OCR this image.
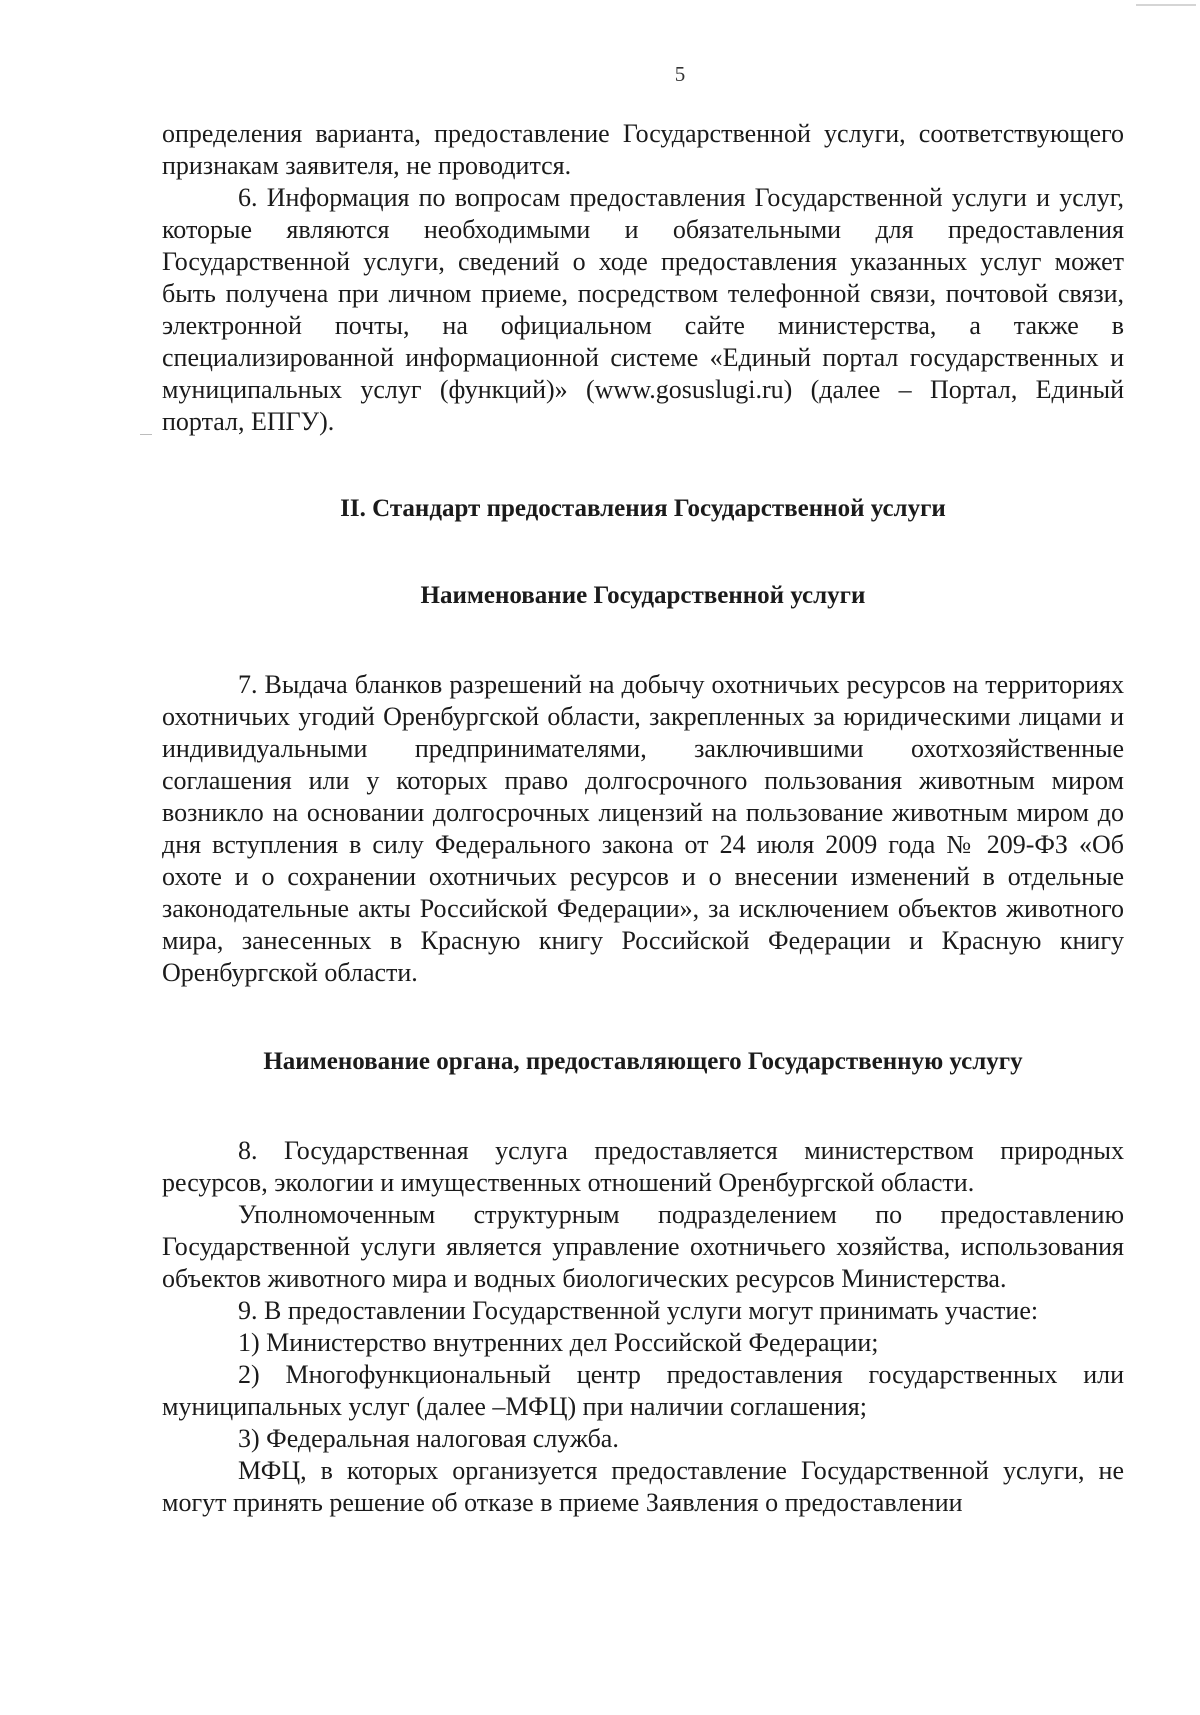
5

определения варианта, предоставление Государственной услуги, соответствующего признакам заявителя, не проводится.

6. Информация по вопросам предоставления Государственной услуги и услуг, которые являются необходимыми и обязательными для предоставления Государственной услуги, сведений о ходе предоставления указанных услуг может быть получена при личном приеме, посредством телефонной связи, почтовой связи, электронной почты, на официальном сайте министерства, а также в специализированной информационной системе «Единый портал государственных и муниципальных услуг (функций)» (www.gosuslugi.ru) (далее – Портал, Единый портал, ЕПГУ).

II. Стандарт предоставления Государственной услуги
Наименование Государственной услуги

7. Выдача бланков разрешений на добычу охотничьих ресурсов на территориях охотничьих угодий Оренбургской области, закрепленных за юридическими лицами и индивидуальными предпринимателями, заключившими охотхозяйственные соглашения или у которых право долгосрочного пользования животным миром возникло на основании долгосрочных лицензий на пользование животным миром до дня вступления в силу Федерального закона от 24 июля 2009 года № 209-ФЗ «Об охоте и о сохранении охотничьих ресурсов и о внесении изменений в отдельные законодательные акты Российской Федерации», за исключением объектов животного мира, занесенных в Красную книгу Российской Федерации и Красную книгу Оренбургской области.

Наименование органа, предоставляющего Государственную услугу

8. Государственная услуга предоставляется министерством природных ресурсов, экологии и имущественных отношений Оренбургской области.

Уполномоченным структурным подразделением по предоставлению Государственной услуги является управление охотничьего хозяйства, использования объектов животного мира и водных биологических ресурсов Министерства.

9. В предоставлении Государственной услуги могут принимать участие:

1) Министерство внутренних дел Российской Федерации;

2) Многофункциональный центр предоставления государственных или муниципальных услуг (далее –МФЦ) при наличии соглашения;

3) Федеральная налоговая служба.

МФЦ, в которых организуется предоставление Государственной услуги, не могут принять решение об отказе в приеме Заявления о предоставлении
